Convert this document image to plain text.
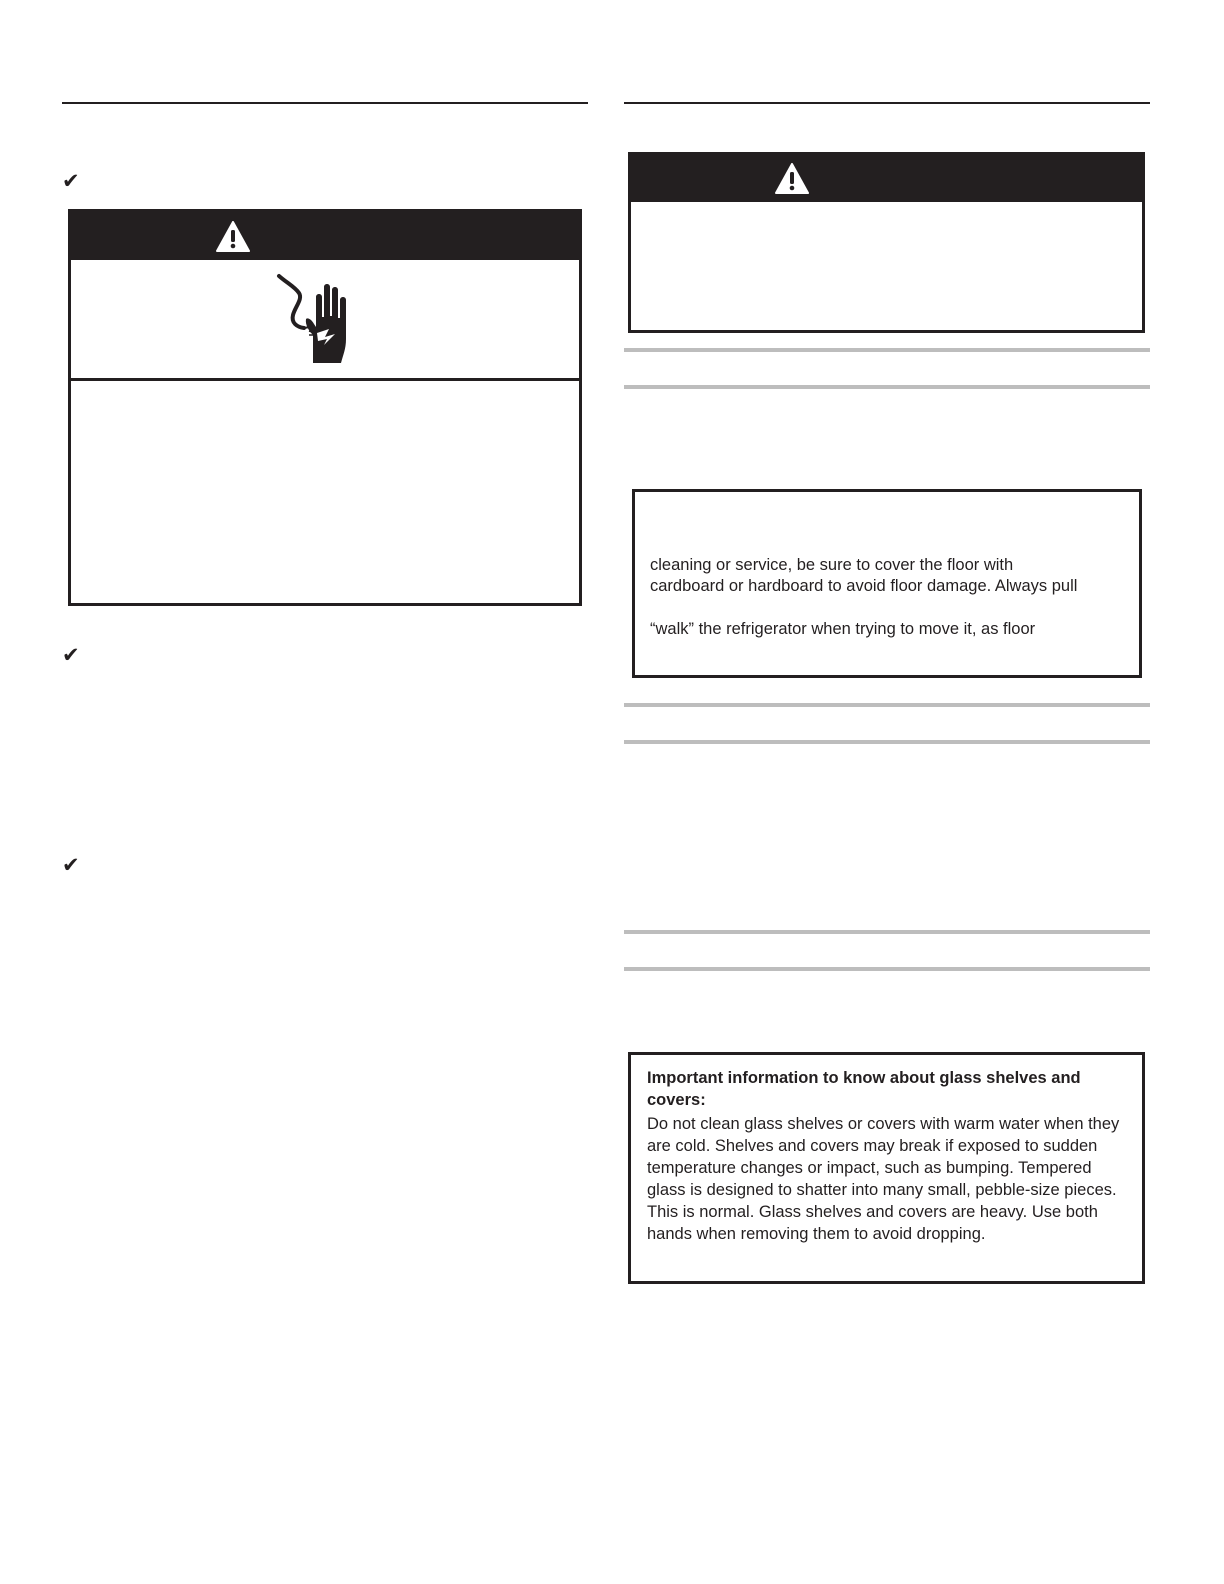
✔
✔
✔
cleaning or service, be sure to cover the floor with
cardboard or hardboard to avoid floor damage. Always pull
“walk” the refrigerator when trying to move it, as floor

Important information to know about glass shelves and covers:

Do not clean glass shelves or covers with warm water when they are cold. Shelves and covers may break if exposed to sudden temperature changes or impact, such as bumping. Tempered glass is designed to shatter into many small, pebble-size pieces. This is normal. Glass shelves and covers are heavy. Use both hands when removing them to avoid dropping.
